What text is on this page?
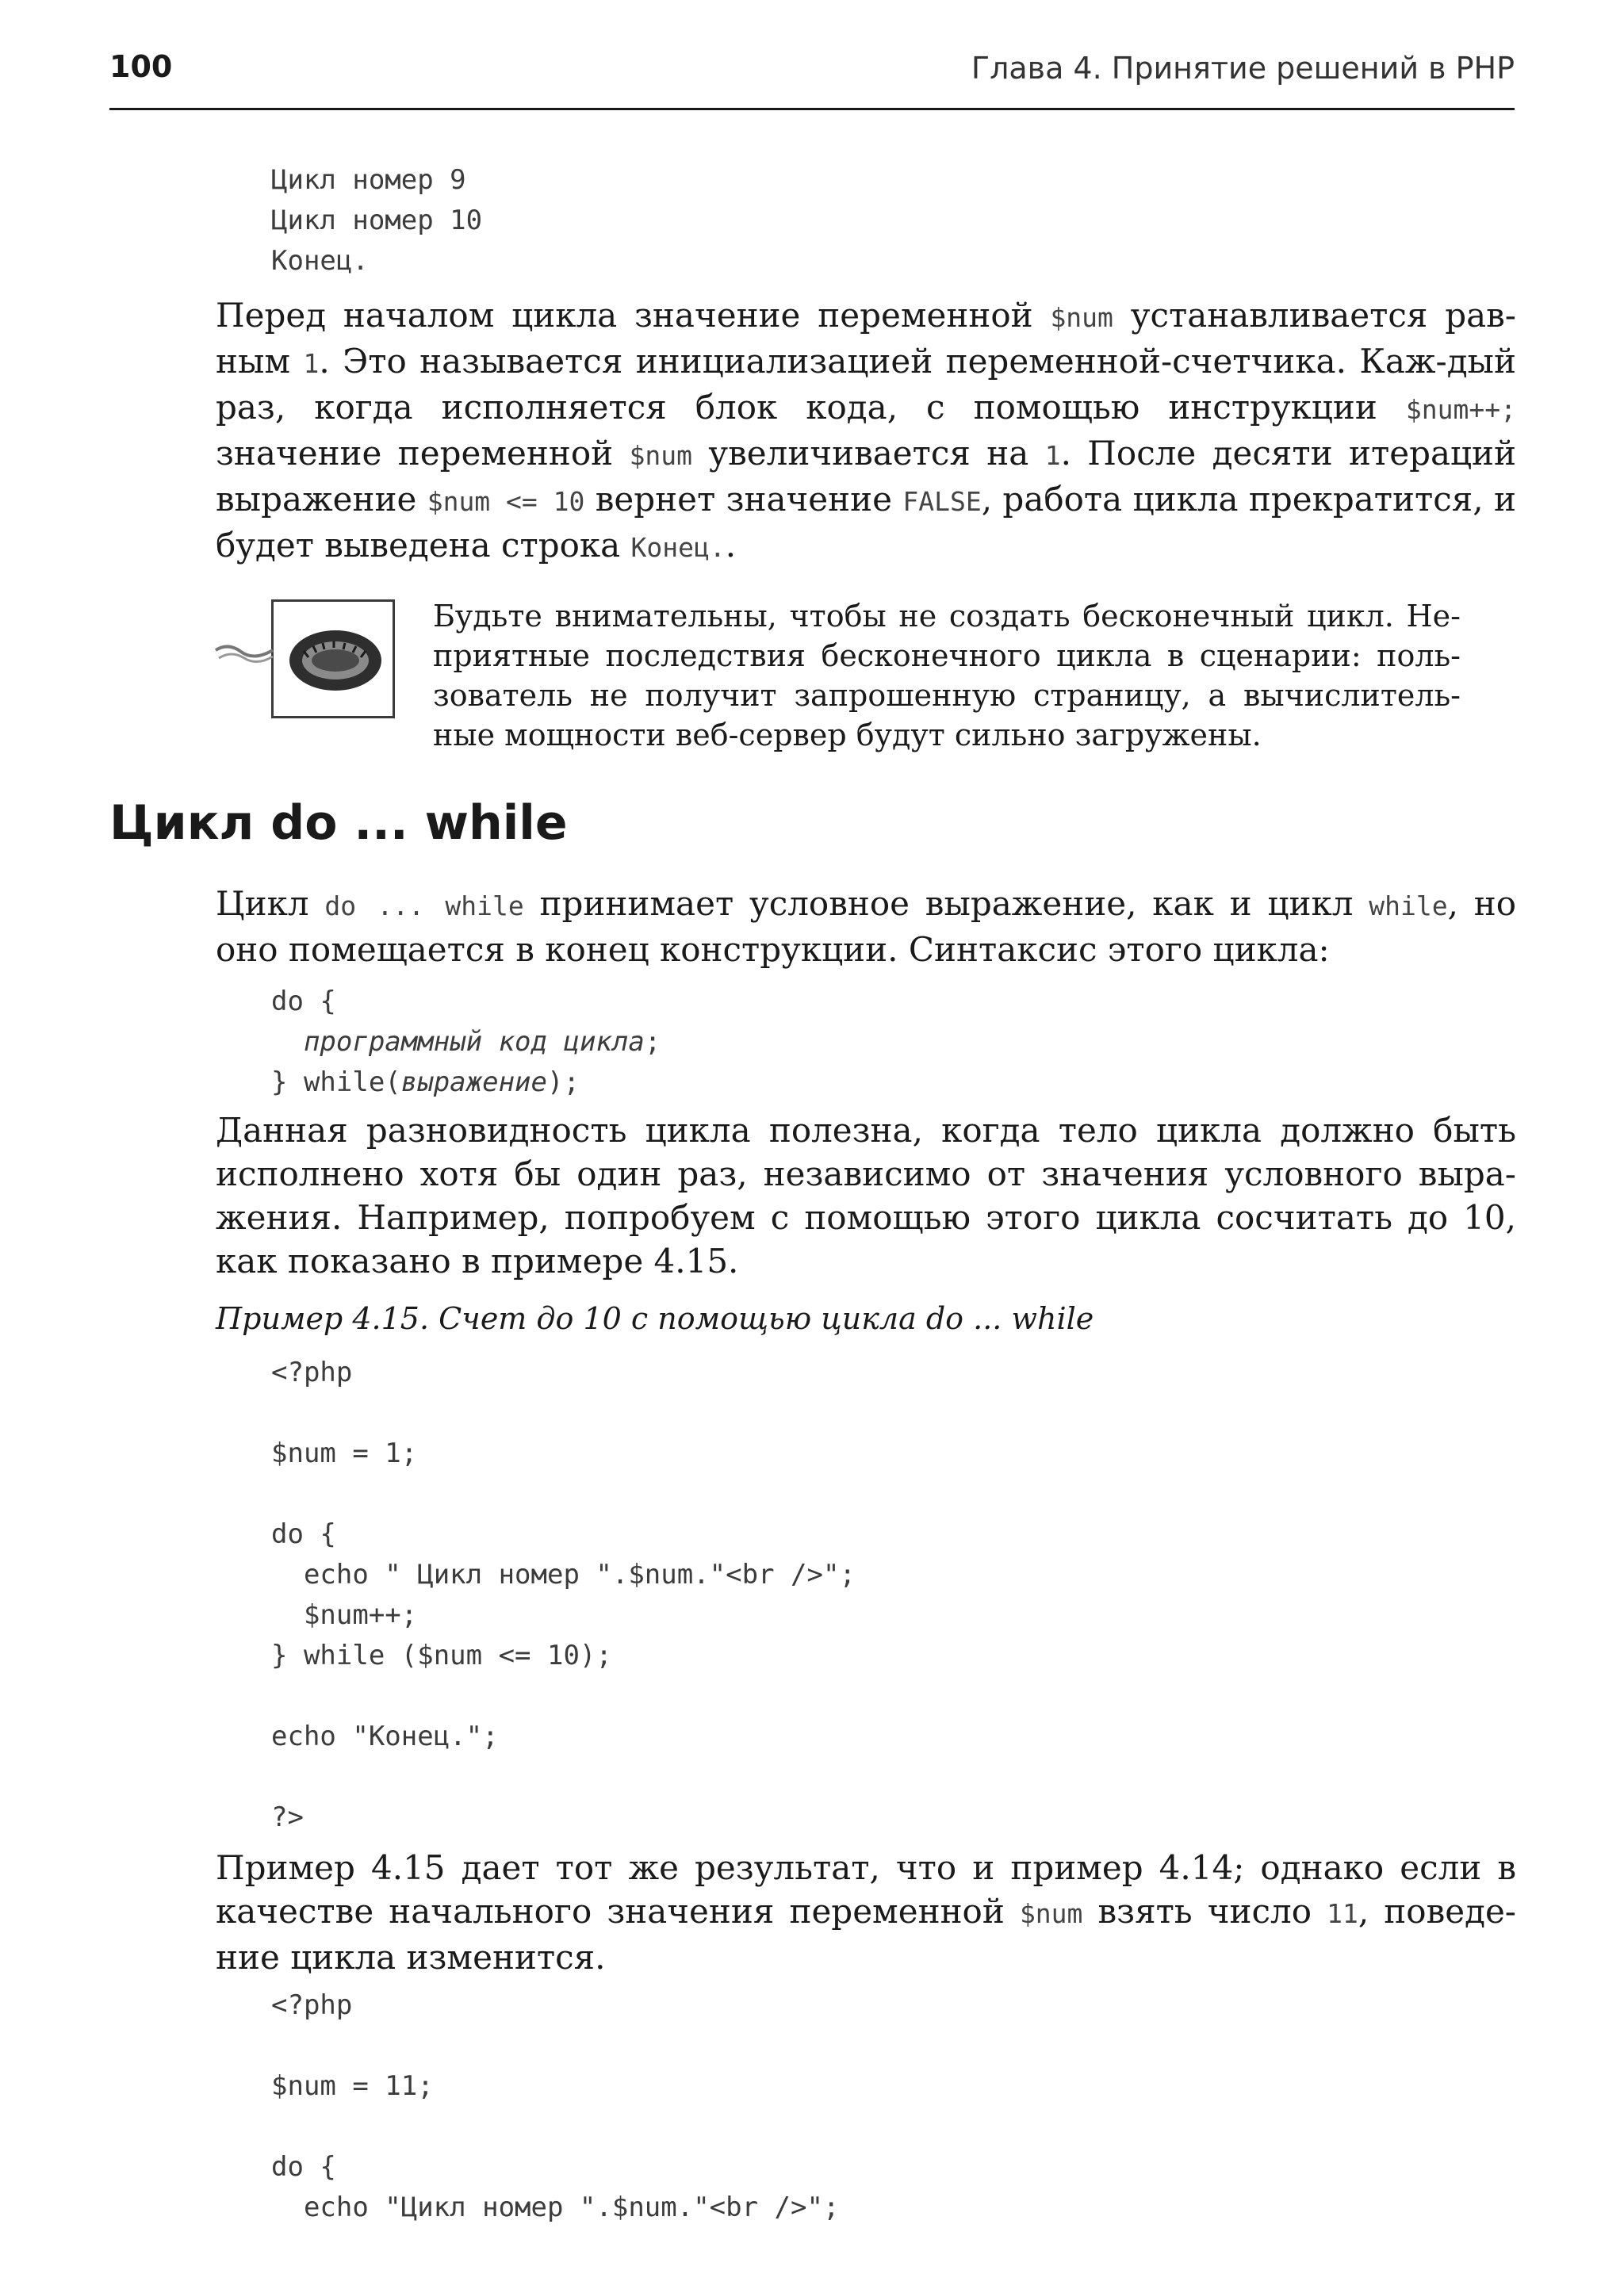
100	Глава 4. Принятие решений в PHP
Цикл номер 9
Цикл номер 10
Конец.

Перед началом цикла значение переменной $num устанавливается рав-ным 1. Это называется инициализацией переменной-счетчика. Каж-дый раз, когда исполняется блок кода, с помощью инструкции $num++; значение переменной $num увеличивается на 1. После десяти итераций выражение $num <= 10 вернет значение FALSE, работа цикла прекратится, и будет выведена строка Конец..

Будьте внимательны, чтобы не создать бесконечный цикл. Не-приятные последствия бесконечного цикла в сценарии: поль-зователь не получит запрошенную страницу, а вычислитель-ные мощности веб-сервер будут сильно загружены.

Цикл do ... while

Цикл do ... while принимает условное выражение, как и цикл while, но оно помещается в конец конструкции. Синтаксис этого цикла:

do {
программный код цикла;
} while(выражение);

Данная разновидность цикла полезна, когда тело цикла должно быть исполнено хотя бы один раз, независимо от значения условного выра-жения. Например, попробуем с помощью этого цикла сосчитать до 10, как показано в примере 4.15.

Пример 4.15. Счет до 10 с помощью цикла do ... while

<?php

$num = 1;

do {
echo " Цикл номер ".$num."<br />";
$num++;
} while ($num <= 10);

echo "Конец.";

?>

Пример 4.15 дает тот же результат, что и пример 4.14; однако если в качестве начального значения переменной $num взять число 11, поведе-ние цикла изменится.

<?php

$num = 11;

do {
echo "Цикл номер ".$num."<br />";
